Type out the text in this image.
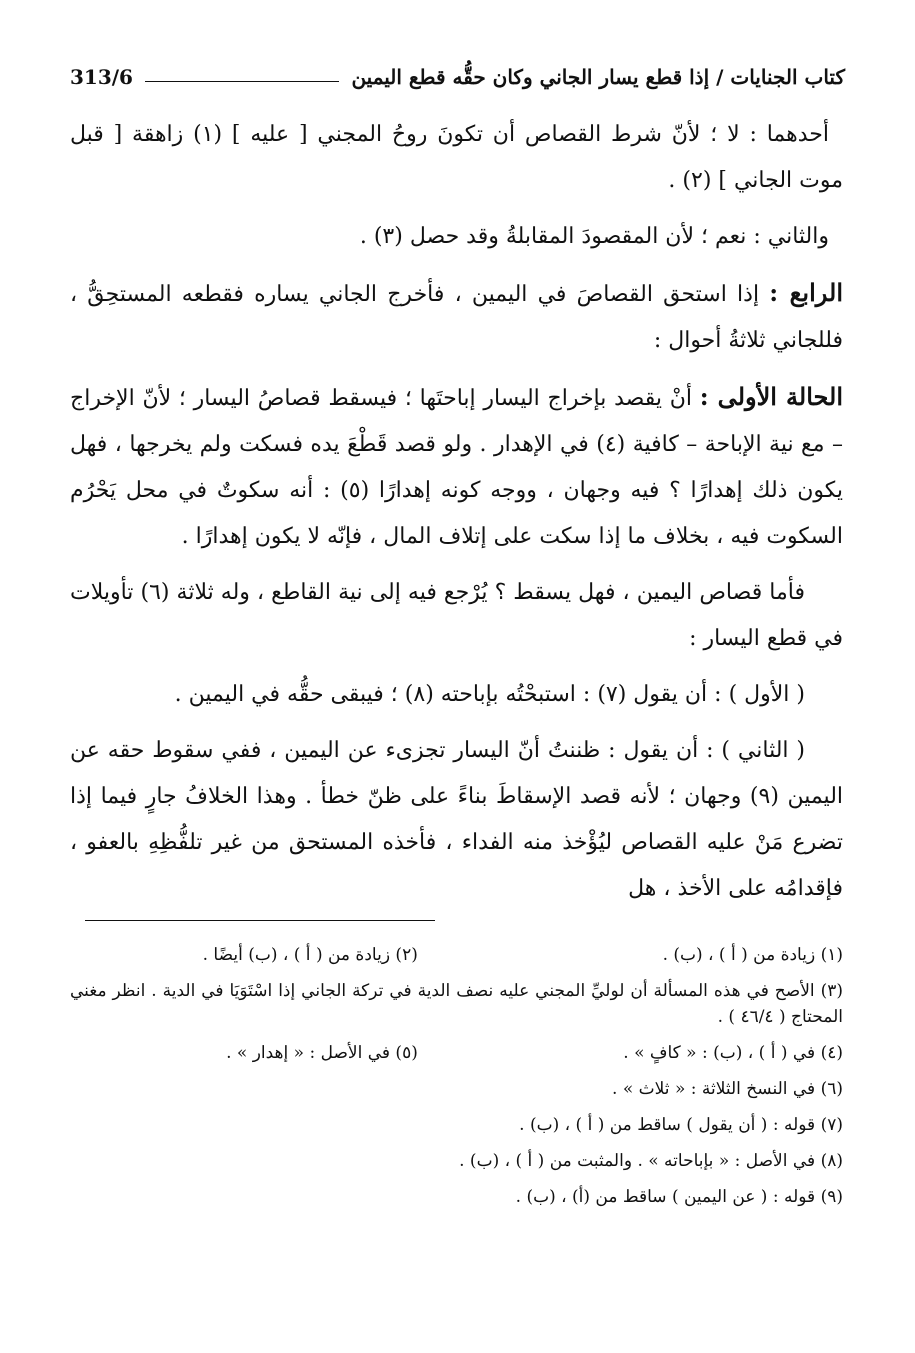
كتاب الجنايات / إذا قطع يسار الجاني وكان حقُّه قطع اليمين
313/6

أحدهما : لا ؛ لأنّ شرط القصاص أن تكونَ روحُ المجني [ عليه ] (١) زاهقة [ قبل موت الجاني ] (٢) .

والثاني : نعم ؛ لأن المقصودَ المقابلةُ وقد حصل (٣) .

الرابع : إذا استحق القصاصَ في اليمين ، فأخرج الجاني يساره فقطعه المستحِقُّ ، فللجاني ثلاثةُ أحوال :

الحالة الأولى : أنْ يقصد بإخراج اليسار إباحتَها ؛ فيسقط قصاصُ اليسار ؛ لأنّ الإخراج – مع نية الإباحة – كافية (٤) في الإهدار . ولو قصد قَطْعَ يده فسكت ولم يخرجها ، فهل يكون ذلك إهدارًا ؟ فيه وجهان ، ووجه كونه إهدارًا (٥) : أنه سكوتٌ في محل يَحْرُم السكوت فيه ، بخلاف ما إذا سكت على إتلاف المال ، فإنّه لا يكون إهدارًا .

فأما قصاص اليمين ، فهل يسقط ؟ يُرْجع فيه إلى نية القاطع ، وله ثلاثة (٦) تأويلات في قطع اليسار :

( الأول ) : أن يقول (٧) : استبحْتُه بإباحته (٨) ؛ فيبقى حقُّه في اليمين .

( الثاني ) : أن يقول : ظننتُ أنّ اليسار تجزىء عن اليمين ، ففي سقوط حقه عن اليمين (٩) وجهان ؛ لأنه قصد الإسقاطَ بناءً على ظنّ خطأ . وهذا الخلافُ جارٍ فيما إذا تضرع مَنْ عليه القصاص ليُؤْخذ منه الفداء ، فأخذه المستحق من غير تلفُّظِهِ بالعفو ، فإقدامُه على الأخذ ، هل

(١) زيادة من ( أ ) ، (ب) .
(٢) زيادة من ( أ ) ، (ب) أيضًا .
(٣) الأصح في هذه المسألة أن لوليِّ المجني عليه نصف الدية في تركة الجاني إذا اسْتَوَيَا في الدية . انظر مغني المحتاج ( ٤٦/٤ ) .
(٤) في ( أ ) ، (ب) : « كافٍ » .
(٥) في الأصل : « إهدار » .
(٦) في النسخ الثلاثة : « ثلاث » .
(٧) قوله : ( أن يقول ) ساقط من ( أ ) ، (ب) .
(٨) في الأصل : « بإباحاته » . والمثبت من ( أ ) ، (ب) .
(٩) قوله : ( عن اليمين ) ساقط من (أ) ، (ب) .
